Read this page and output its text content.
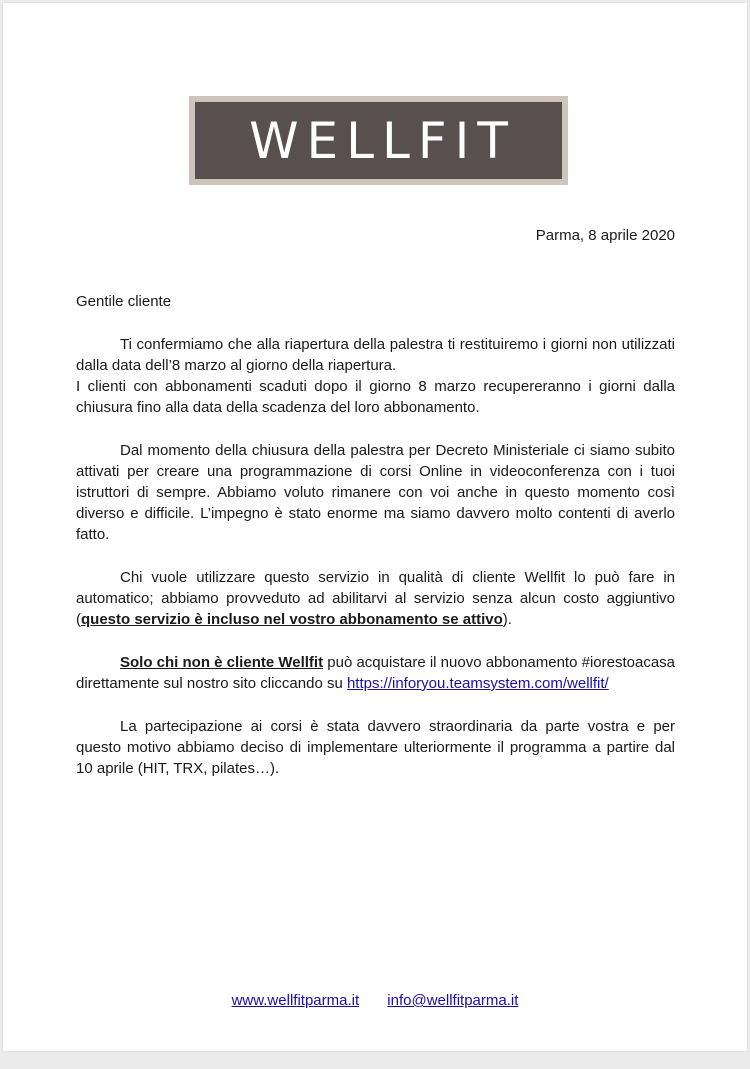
WELLFIT
Parma, 8 aprile 2020
Gentile cliente

Ti confermiamo che alla riapertura della palestra ti restituiremo i giorni non utilizzati dalla data dell’8 marzo al giorno della riapertura.

I clienti con abbonamenti scaduti dopo il giorno 8 marzo recupereranno i giorni dalla chiusura fino alla data della scadenza del loro abbonamento.

Dal momento della chiusura della palestra per Decreto Ministeriale ci siamo subito attivati per creare una programmazione di corsi Online in videoconferenza con i tuoi istruttori di sempre. Abbiamo voluto rimanere con voi anche in questo momento così diverso e difficile. L’impegno è stato enorme ma siamo davvero molto contenti di averlo fatto.
Chi vuole utilizzare questo servizio in qualità di cliente Wellfit lo può fare in automatico; abbiamo provveduto ad abilitarvi al servizio senza alcun costo aggiuntivo (questo servizio è incluso nel vostro abbonamento se attivo).
Solo chi non è cliente Wellfit può acquistare il nuovo abbonamento #iorestoacasa direttamente sul nostro sito cliccando su https://inforyou.teamsystem.com/wellfit/
La partecipazione ai corsi è stata davvero straordinaria da parte vostra e per questo motivo abbiamo deciso di implementare ulteriormente il programma a partire dal 10 aprile (HIT, TRX, pilates…).
www.wellfitparma.it info@wellfitparma.it
